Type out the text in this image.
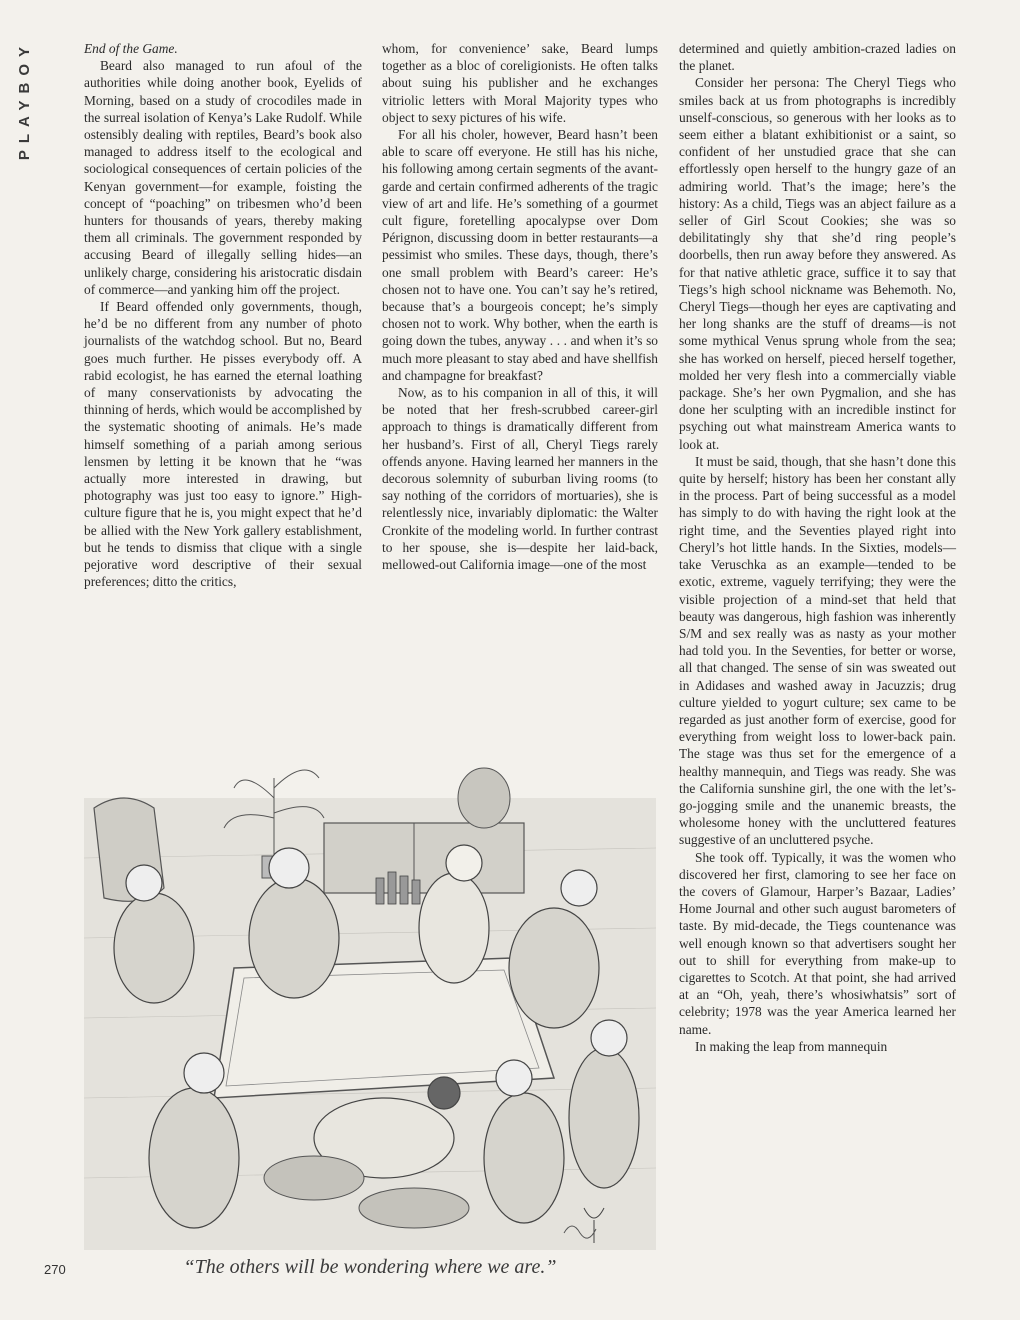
PLAYBOY	End of the Game.

Beard also managed to run afoul of the authorities while doing another book, Eyelids of Morning, based on a study of crocodiles made in the surreal isolation of Kenya’s Lake Rudolf. While ostensibly dealing with reptiles, Beard’s book also managed to address itself to the ecological and sociological consequences of certain policies of the Kenyan government—for example, foisting the concept of “poaching” on tribesmen who’d been hunters for thousands of years, thereby making them all criminals. The government responded by accusing Beard of illegally selling hides—an unlikely charge, considering his aristocratic disdain of commerce—and yanking him off the project.

If Beard offended only governments, though, he’d be no different from any number of photo journalists of the watchdog school. But no, Beard goes much further. He pisses everybody off. A rabid ecologist, he has earned the eternal loathing of many conservationists by advocating the thinning of herds, which would be accomplished by the systematic shooting of animals. He’s made himself something of a pariah among serious lensmen by letting it be known that he “was actually more interested in drawing, but photography was just too easy to ignore.” High-culture figure that he is, you might expect that he’d be allied with the New York gallery establishment, but he tends to dismiss that clique with a single pejorative word descriptive of their sexual preferences; ditto the critics,

whom, for convenience’ sake, Beard lumps together as a bloc of coreligionists. He often talks about suing his publisher and he exchanges vitriolic letters with Moral Majority types who object to sexy pictures of his wife.

For all his choler, however, Beard hasn’t been able to scare off everyone. He still has his niche, his following among certain segments of the avant-garde and certain confirmed adherents of the tragic view of art and life. He’s something of a gourmet cult figure, foretelling apocalypse over Dom Pérignon, discussing doom in better restaurants—a pessimist who smiles. These days, though, there’s one small problem with Beard’s career: He’s chosen not to have one. You can’t say he’s retired, because that’s a bourgeois concept; he’s simply chosen not to work. Why bother, when the earth is going down the tubes, anyway . . . and when it’s so much more pleasant to stay abed and have shellfish and champagne for breakfast?

Now, as to his companion in all of this, it will be noted that her fresh-scrubbed career-girl approach to things is dramatically different from her husband’s. First of all, Cheryl Tiegs rarely offends anyone. Having learned her manners in the decorous solemnity of suburban living rooms (to say nothing of the corridors of mortuaries), she is relentlessly nice, invariably diplomatic: the Walter Cronkite of the modeling world. In further contrast to her spouse, she is—despite her laid-back, mellowed-out California image—one of the most

determined and quietly ambition-crazed ladies on the planet.

Consider her persona: The Cheryl Tiegs who smiles back at us from photographs is incredibly unself-conscious, so generous with her looks as to seem either a blatant exhibitionist or a saint, so confident of her unstudied grace that she can effortlessly open herself to the hungry gaze of an admiring world. That’s the image; here’s the history: As a child, Tiegs was an abject failure as a seller of Girl Scout Cookies; she was so debilitatingly shy that she’d ring people’s doorbells, then run away before they answered. As for that native athletic grace, suffice it to say that Tiegs’s high school nickname was Behemoth. No, Cheryl Tiegs—though her eyes are captivating and her long shanks are the stuff of dreams—is not some mythical Venus sprung whole from the sea; she has worked on herself, pieced herself together, molded her very flesh into a commercially viable package. She’s her own Pygmalion, and she has done her sculpting with an incredible instinct for psyching out what mainstream America wants to look at.

It must be said, though, that she hasn’t done this quite by herself; history has been her constant ally in the process. Part of being successful as a model has simply to do with having the right look at the right time, and the Seventies played right into Cheryl’s hot little hands. In the Sixties, models—take Veruschka as an example—tended to be exotic, extreme, vaguely terrifying; they were the visible projection of a mind-set that held that beauty was dangerous, high fashion was inherently S/M and sex really was as nasty as your mother had told you. In the Seventies, for better or worse, all that changed. The sense of sin was sweated out in Adidases and washed away in Jacuzzis; drug culture yielded to yogurt culture; sex came to be regarded as just another form of exercise, good for everything from weight loss to lower-back pain. The stage was thus set for the emergence of a healthy mannequin, and Tiegs was ready. She was the California sunshine girl, the one with the let’s-go-jogging smile and the unanemic breasts, the wholesome honey with the uncluttered features suggestive of an uncluttered psyche.

She took off. Typically, it was the women who discovered her first, clamoring to see her face on the covers of Glamour, Harper’s Bazaar, Ladies’ Home Journal and other such august barometers of taste. By mid-decade, the Tiegs countenance was well enough known so that advertisers sought her out to shill for everything from make-up to cigarettes to Scotch. At that point, she had arrived at an “Oh, yeah, there’s whosiwhatsis” sort of celebrity; 1978 was the year America learned her name.

In making the leap from mannequin

270	“The others will be wondering where we are.”
